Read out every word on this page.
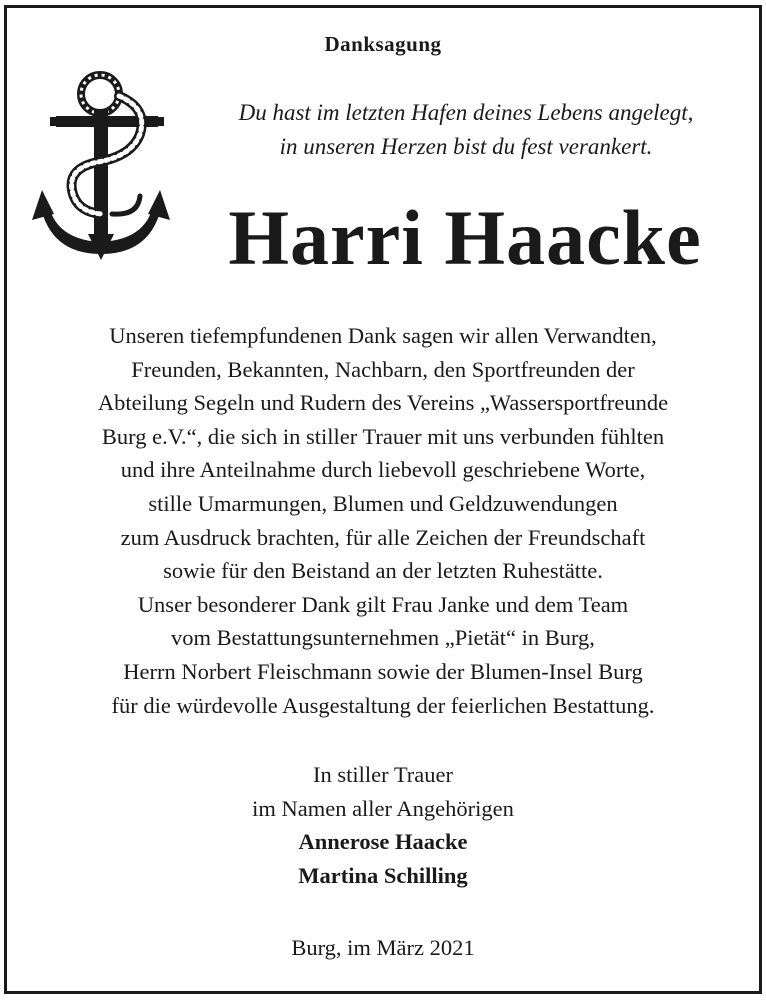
Danksagung
Du hast im letzten Hafen deines Lebens angelegt,
in unseren Herzen bist du fest verankert.
Harri Haacke
Unseren tiefempfundenen Dank sagen wir allen Verwandten,
Freunden, Bekannten, Nachbarn, den Sportfreunden der
Abteilung Segeln und Rudern des Vereins „Wassersportfreunde
Burg e.V.“, die sich in stiller Trauer mit uns verbunden fühlten
und ihre Anteilnahme durch liebevoll geschriebene Worte,
stille Umarmungen, Blumen und Geldzuwendungen
zum Ausdruck brachten, für alle Zeichen der Freundschaft
sowie für den Beistand an der letzten Ruhestätte.
Unser besonderer Dank gilt Frau Janke und dem Team
vom Bestattungsunternehmen „Pietät“ in Burg,
Herrn Norbert Fleischmann sowie der Blumen-Insel Burg
für die würdevolle Ausgestaltung der feierlichen Bestattung.
In stiller Trauer
im Namen aller Angehörigen
Annerose Haacke
Martina Schilling
Burg, im März 2021
